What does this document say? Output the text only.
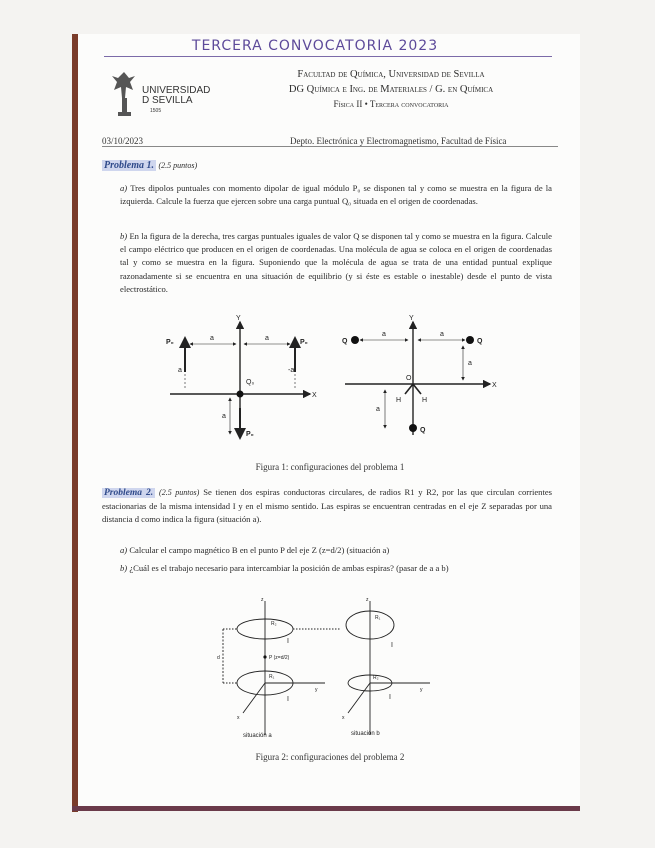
TERCERA CONVOCATORIA 2023
UNIVERSIDAD
D SEVILLA
1505
Facultad de Química, Universidad de Sevilla
DG Química e Ing. de Materiales / G. en Química
Física II • Tercera convocatoria
03/10/2023	Depto. Electrónica y Electromagnetismo, Facultad de Física
Problema 1. (2.5 puntos)
a) Tres dipolos puntuales con momento dipolar de igual módulo P₀ se disponen tal y como se muestra en la figura de la izquierda. Calcule la fuerza que ejercen sobre una carga puntual Q₀ situada en el origen de coordenadas.
b) En la figura de la derecha, tres cargas puntuales iguales de valor Q se disponen tal y como se muestra en la figura. Calcule el campo eléctrico que producen en el origen de coordenadas. Una molécula de agua se coloca en el origen de coordenadas tal y como se muestra en la figura. Suponiendo que la molécula de agua se trata de una entidad puntual explique razonadamente si se encuentra en una situación de equilibrio (y si éste es estable o inestable) desde el punto de vista electrostático.
P₀	P₀
P₀
Y
X
Q₀
a	a
a	-a
a
Q	Q
Q
Y
X
O
H	H
a	a
a
a
Figura 1: configuraciones del problema 1
Problema 2. (2.5 puntos) Se tienen dos espiras conductoras circulares, de radios R1 y R2, por las que circulan corrientes estacionarias de la misma intensidad I y en el mismo sentido. Las espiras se encuentran centradas en el eje Z separadas por una distancia d como indica la figura (situación a).
a) Calcular el campo magnético B en el punto P del eje Z (z=d/2) (situación a)
b) ¿Cuál es el trabajo necesario para intercambiar la posición de ambas espiras? (pasar de a a b)
z
y
x
d	P (z=d/2)
R₂
R₁
I
I
z
y
x
R₁
R₂
I
I
situación a	situación b
Figura 2: configuraciones del problema 2
